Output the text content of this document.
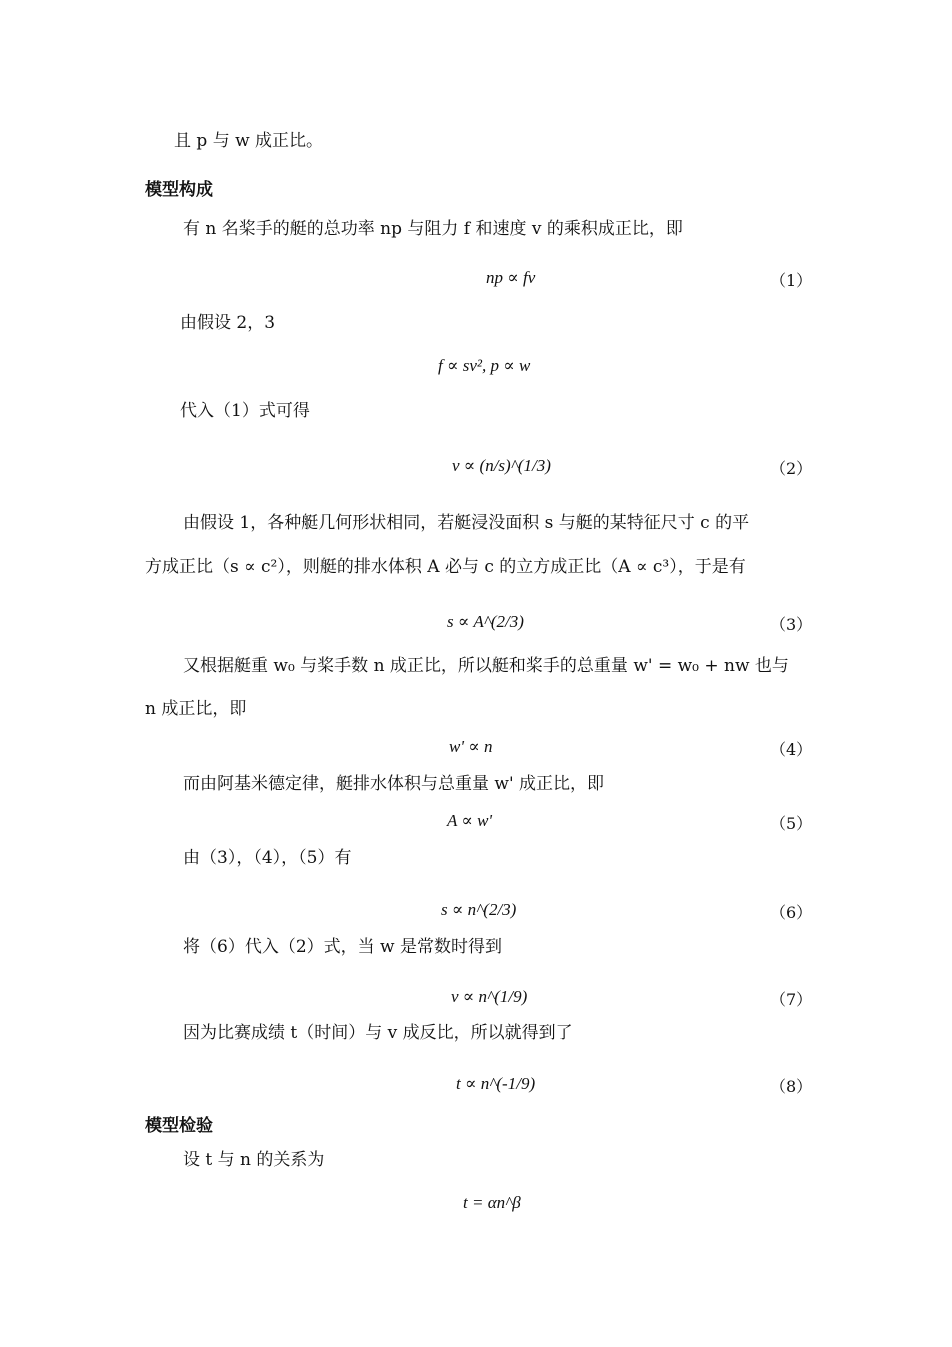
且 p 与 w 成正比。
模型构成
有 n 名桨手的艇的总功率 np 与阻力 f 和速度 v 的乘积成正比，即
np ∝ fv	（1）
由假设 2，3
f ∝ sv², p ∝ w
代入（1）式可得
v ∝ (n/s)^(1/3)	（2）
由假设 1，各种艇几何形状相同，若艇浸没面积 s 与艇的某特征尺寸 c 的平
方成正比（s ∝ c²），则艇的排水体积 A 必与 c 的立方成正比（A ∝ c³），于是有
s ∝ A^(2/3)	（3）
又根据艇重 w₀ 与桨手数 n 成正比，所以艇和桨手的总重量 w' = w₀ + nw 也与
n 成正比，即
w' ∝ n	（4）
而由阿基米德定律，艇排水体积与总重量 w' 成正比，即
A ∝ w'	（5）
由（3），（4），（5）有
s ∝ n^(2/3)	（6）
将（6）代入（2）式，当 w 是常数时得到
v ∝ n^(1/9)	（7）
因为比赛成绩 t（时间）与 v 成反比，所以就得到了
t ∝ n^(-1/9)	（8）
模型检验
设 t 与 n 的关系为
t = αn^β
